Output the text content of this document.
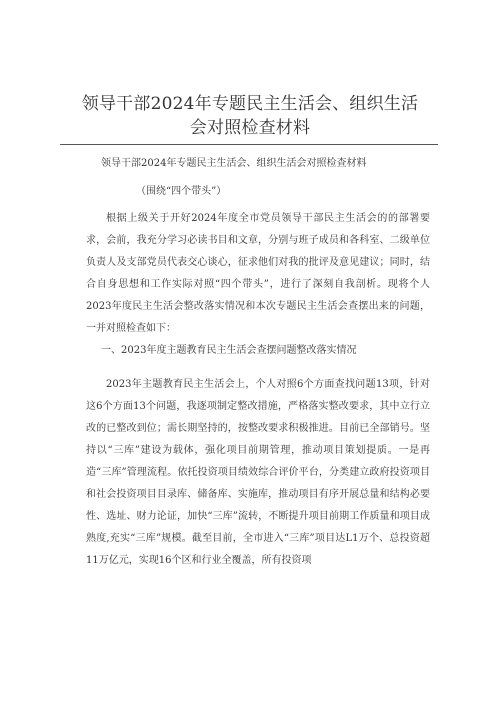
领导干部2024年专题民主生活会、组织生活
会对照检查材料
领导干部2024年专题民主生活会、组织生活会对照检查材料
（围绕“四个带头”）

根据上级关于开好2024年度全市党员领导干部民主生活会的的部署要求，会前，我充分学习必读书目和文章，分别与班子成员和各科室、二级单位负责人及支部党员代表交心谈心，征求他们对我的批评及意见建议；同时，结合自身思想和工作实际对照“四个带头”，进行了深刻自我剖析。现将个人2023年度民主生活会整改落实情况和本次专题民主生活会查摆出来的问题，一并对照检查如下：

一、2023年度主题教育民主生活会查摆问题整改落实情况

2023年主题教育民主生活会上，个人对照6个方面查找问题13项，针对这6个方面13个问题，我逐项制定整改措施，严格落实整改要求，其中立行立改的已整改到位；需长期坚持的，按整改要求积极推进。目前已全部销号。坚持以“三库”建设为载体，强化项目前期管理，推动项目策划提质。一是再造“三库”管理流程。依托投资项目绩效综合评价平台，分类建立政府投资项目和社会投资项目目录库、储备库、实施库，推动项目有序开展总量和结构必要性、选址、财力论证，加快“三库”流转，不断提升项目前期工作质量和项目成熟度,充实“三库”规模。截至目前，全市进入“三库”项目达L1万个、总投资超11万亿元，实现16个区和行业全覆盖，所有投资项
